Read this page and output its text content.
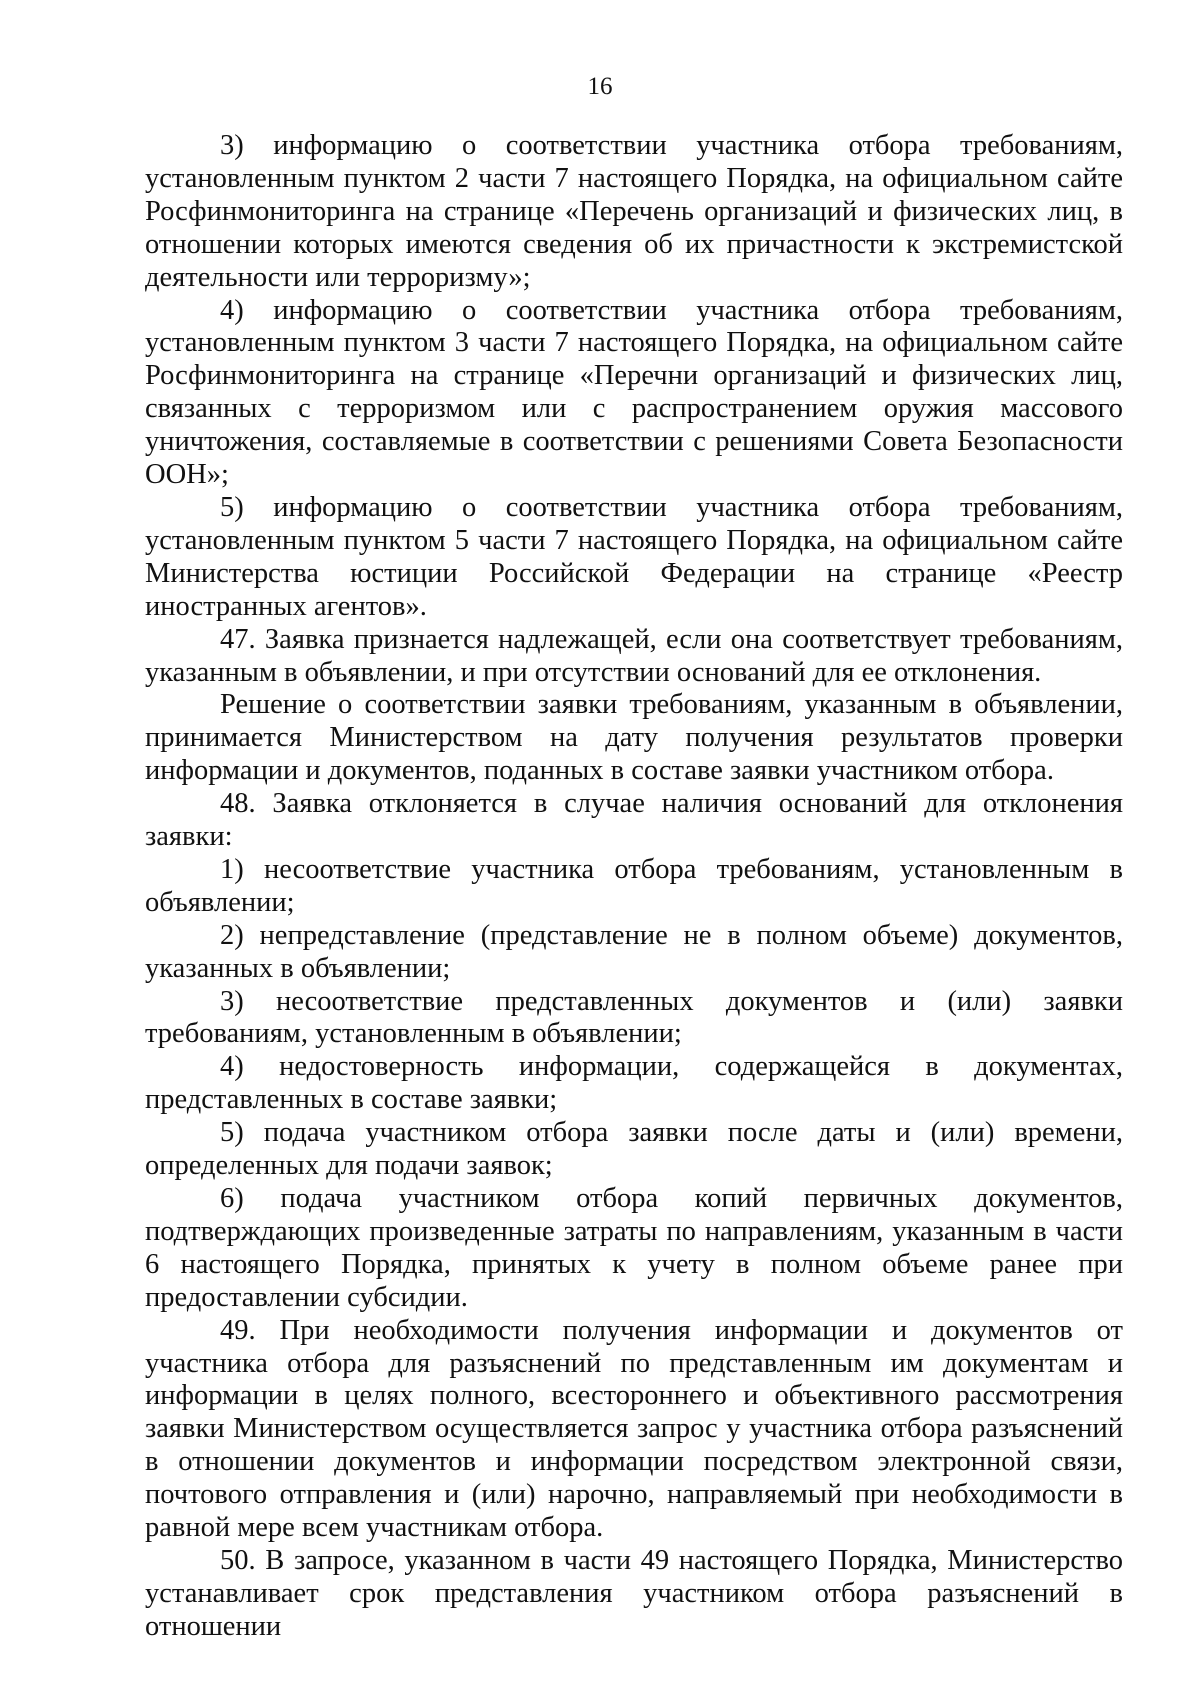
16

3) информацию о соответствии участника отбора требованиям, установленным пунктом 2 части 7 настоящего Порядка, на официальном сайте Росфинмониторинга на странице «Перечень организаций и физических лиц, в отношении которых имеются сведения об их причастности к экстремистской деятельности или терроризму»;

4) информацию о соответствии участника отбора требованиям, установленным пунктом 3 части 7 настоящего Порядка, на официальном сайте Росфинмониторинга на странице «Перечни организаций и физических лиц, связанных с терроризмом или с распространением оружия массового уничтожения, составляемые в соответствии с решениями Совета Безопасности ООН»;

5) информацию о соответствии участника отбора требованиям, установленным пунктом 5 части 7 настоящего Порядка, на официальном сайте Министерства юстиции Российской Федерации на странице «Реестр иностранных агентов».

47. Заявка признается надлежащей, если она соответствует требованиям, указанным в объявлении, и при отсутствии оснований для ее отклонения.

Решение о соответствии заявки требованиям, указанным в объявлении, принимается Министерством на дату получения результатов проверки информации и документов, поданных в составе заявки участником отбора.

48. Заявка отклоняется в случае наличия оснований для отклонения заявки:

1) несоответствие участника отбора требованиям, установленным в объявлении;

2) непредставление (представление не в полном объеме) документов, указанных в объявлении;

3) несоответствие представленных документов и (или) заявки требованиям, установленным в объявлении;

4) недостоверность информации, содержащейся в документах, представленных в составе заявки;

5) подача участником отбора заявки после даты и (или) времени, определенных для подачи заявок;

6) подача участником отбора копий первичных документов, подтверждающих произведенные затраты по направлениям, указанным в части 6 настоящего Порядка, принятых к учету в полном объеме ранее при предоставлении субсидии.

49. При необходимости получения информации и документов от участника отбора для разъяснений по представленным им документам и информации в целях полного, всестороннего и объективного рассмотрения заявки Министерством осуществляется запрос у участника отбора разъяснений в отношении документов и информации посредством электронной связи, почтового отправления и (или) нарочно, направляемый при необходимости в равной мере всем участникам отбора.

50. В запросе, указанном в части 49 настоящего Порядка, Министерство устанавливает срок представления участником отбора разъяснений в отношении
